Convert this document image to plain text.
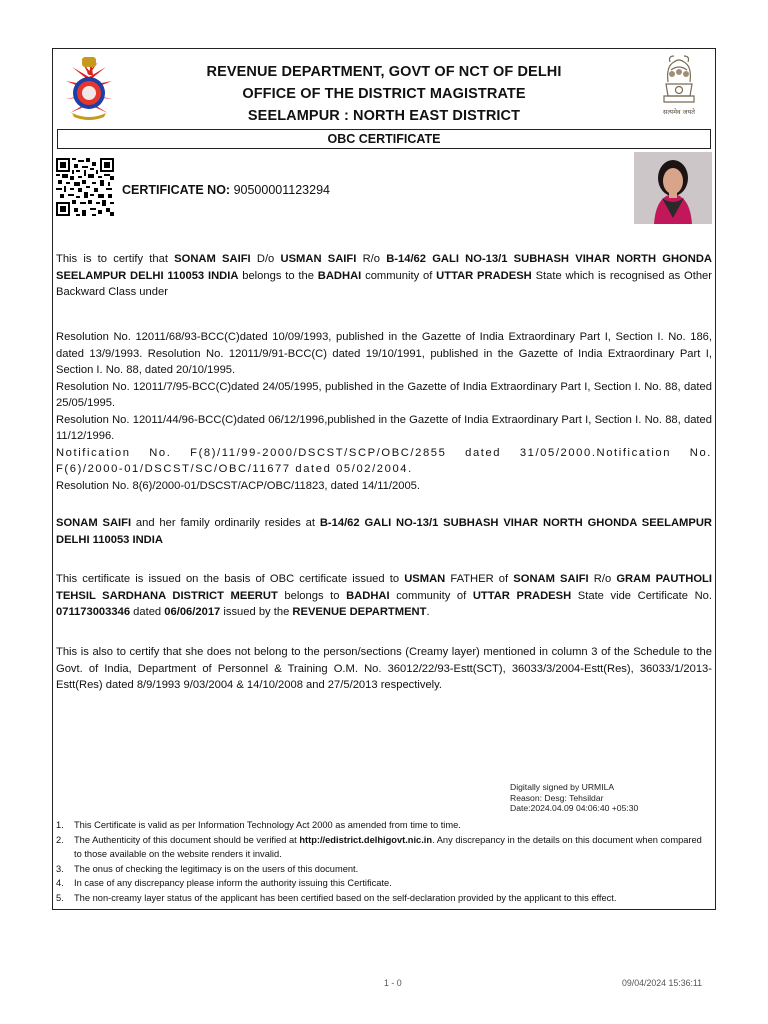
सत्यमेव जयते
REVENUE DEPARTMENT, GOVT OF NCT OF DELHI
OFFICE OF THE DISTRICT MAGISTRATE
SEELAMPUR : NORTH EAST DISTRICT
OBC CERTIFICATE
CERTIFICATE NO: 90500001123294
This is to certify that SONAM SAIFI D/o USMAN SAIFI R/o B-14/62 GALI NO-13/1 SUBHASH VIHAR NORTH GHONDA SEELAMPUR DELHI 110053 INDIA belongs to the BADHAI community of UTTAR PRADESH State which is recognised as Other Backward Class under
Resolution No. 12011/68/93-BCC(C)dated 10/09/1993, published in the Gazette of India Extraordinary Part I, Section I. No. 186, dated 13/9/1993. Resolution No. 12011/9/91-BCC(C) dated 19/10/1991, published in the Gazette of India Extraordinary Part I, Section I. No. 88, dated 20/10/1995.
Resolution No. 12011/7/95-BCC(C)dated 24/05/1995, published in the Gazette of India Extraordinary Part I, Section I. No. 88, dated 25/05/1995.
Resolution No. 12011/44/96-BCC(C)dated 06/12/1996,published in the Gazette of India Extraordinary Part I, Section I. No. 88, dated 11/12/1996.
Notification No. F(8)/11/99-2000/DSCST/SCP/OBC/2855 dated 31/05/2000.Notification No. F(6)/2000-01/DSCST/SC/OBC/11677 dated 05/02/2004.
Resolution No. 8(6)/2000-01/DSCST/ACP/OBC/11823, dated 14/11/2005.
SONAM SAIFI and her family ordinarily resides at B-14/62 GALI NO-13/1 SUBHASH VIHAR NORTH GHONDA SEELAMPUR DELHI 110053 INDIA
This certificate is issued on the basis of OBC certificate issued to USMAN FATHER of SONAM SAIFI R/o GRAM PAUTHOLI TEHSIL SARDHANA DISTRICT MEERUT belongs to BADHAI community of UTTAR PRADESH State vide Certificate No. 071173003346 dated 06/06/2017 issued by the REVENUE DEPARTMENT.
This is also to certify that she does not belong to the person/sections (Creamy layer) mentioned in column 3 of the Schedule to the Govt. of India, Department of Personnel & Training O.M. No. 36012/22/93-Estt(SCT), 36033/3/2004-Estt(Res), 36033/1/2013-Estt(Res) dated 8/9/1993 9/03/2004 & 14/10/2008 and 27/5/2013 respectively.
Digitally signed by URMILA
Reason: Desg: Tehsildar
Date:2024.04.09 04:06:40 +05:30
1. This Certificate is valid as per Information Technology Act 2000 as amended from time to time.
2. The Authenticity of this document should be verified at http://edistrict.delhigovt.nic.in. Any discrepancy in the details on this document when compared to those available on the website renders it invalid.
3. The onus of checking the legitimacy is on the users of this document.
4. In case of any discrepancy please inform the authority issuing this Certificate.
5. The non-creamy layer status of the applicant has been certified based on the self-declaration provided by the applicant to this effect.
1 - 0	09/04/2024 15:36:11
